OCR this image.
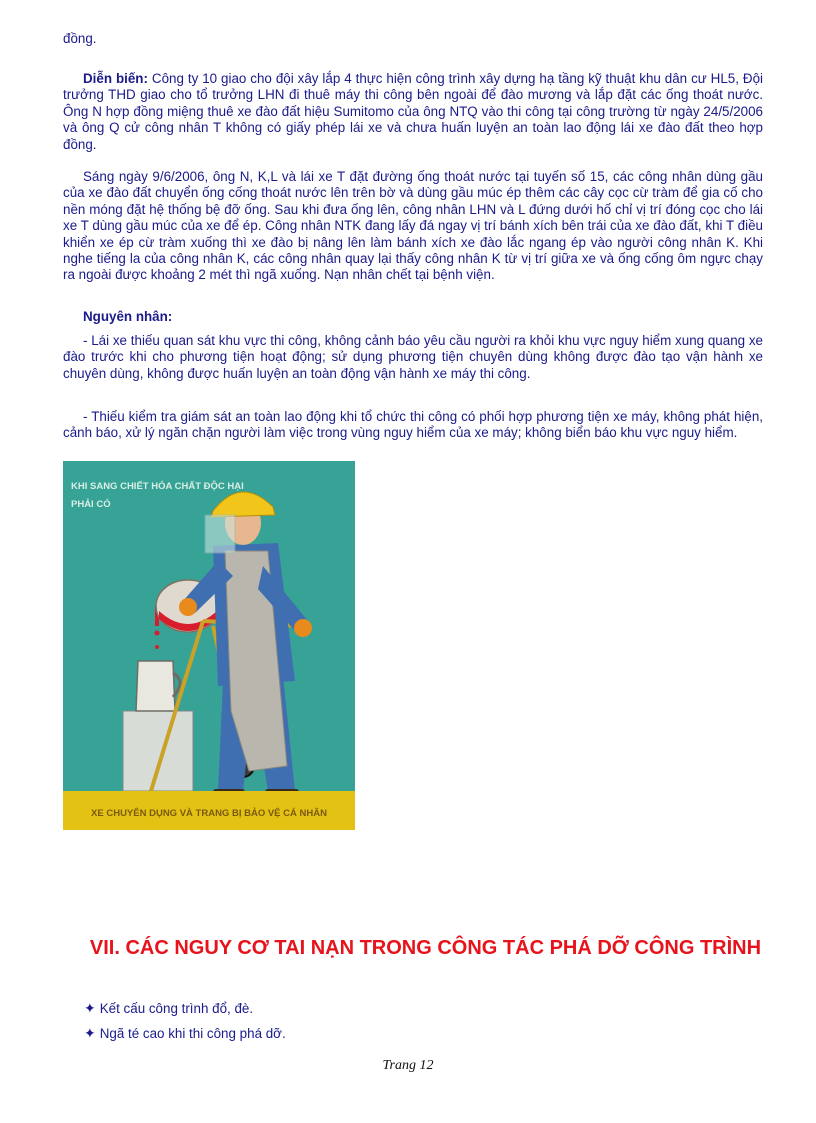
đồng.

Diễn biến: Công ty 10 giao cho đội xây lắp 4 thực hiện công trình xây dựng hạ tầng kỹ thuật khu dân cư HL5, Đội trưởng THD giao cho tổ trưởng LHN đi thuê máy thi công bên ngoài để đào mương và lắp đặt các ống thoát nước. Ông N hợp đồng miệng thuê xe đào đất hiệu Sumitomo của ông NTQ vào thi công tại công trường từ ngày 24/5/2006 và ông Q cử công nhân T không có giấy phép lái xe và chưa huấn luyện an toàn lao động lái xe đào đất theo hợp đồng.

Sáng ngày 9/6/2006, ông N, K,L và lái xe T đặt đường ống thoát nước tại tuyến số 15, các công nhân dùng gầu của xe đào đất chuyển ống cống thoát nước lên trên bờ và dùng gầu múc ép thêm các cây cọc cừ tràm để gia cố cho nền móng đặt hệ thống bệ đỡ ống. Sau khi đưa ống lên, công nhân LHN và L đứng dưới hố chỉ vị trí đóng cọc cho lái xe T dùng gầu múc của xe để ép. Công nhân NTK đang lấy đá ngay vị trí bánh xích bên trái của xe đào đất, khi T điều khiển xe ép cừ tràm xuống thì xe đào bị nâng lên làm bánh xích xe đào lắc ngang ép vào người công nhân K. Khi nghe tiếng la của công nhân K, các công nhân quay lại thấy công nhân K từ vị trí giữa xe và ống cống ôm ngực chạy ra ngoài được khoảng 2 mét thì ngã xuống. Nạn nhân chết tại bệnh viện.

Nguyên nhân:

- Lái xe thiếu quan sát khu vực thi công, không cảnh báo yêu cầu người ra khỏi khu vực nguy hiểm xung quang xe đào trước khi cho phương tiện hoạt động; sử dụng phương tiện chuyên dùng không được đào tạo vận hành xe chuyên dùng, không được huấn luyện an toàn động vận hành xe máy thi công.

- Thiếu kiểm tra giám sát an toàn lao động khi tổ chức thi công có phối hợp phương tiện xe máy, không phát hiện, cảnh báo, xử lý ngăn chặn người làm việc trong vùng nguy hiểm của xe máy; không biển báo khu vực nguy hiểm.

KHI SANG CHIẾT HÓA CHẤT ĐỘC HẠI
PHẢI CÓ
XE CHUYÊN DỤNG VÀ TRANG BỊ BẢO VỆ CÁ NHÂN
VII. CÁC NGUY CƠ TAI NẠN TRONG CÔNG TÁC PHÁ DỠ CÔNG TRÌNH
✦ Kết cấu công trình đổ, đè.
✦ Ngã té cao khi thi công phá dỡ.
Trang 12
